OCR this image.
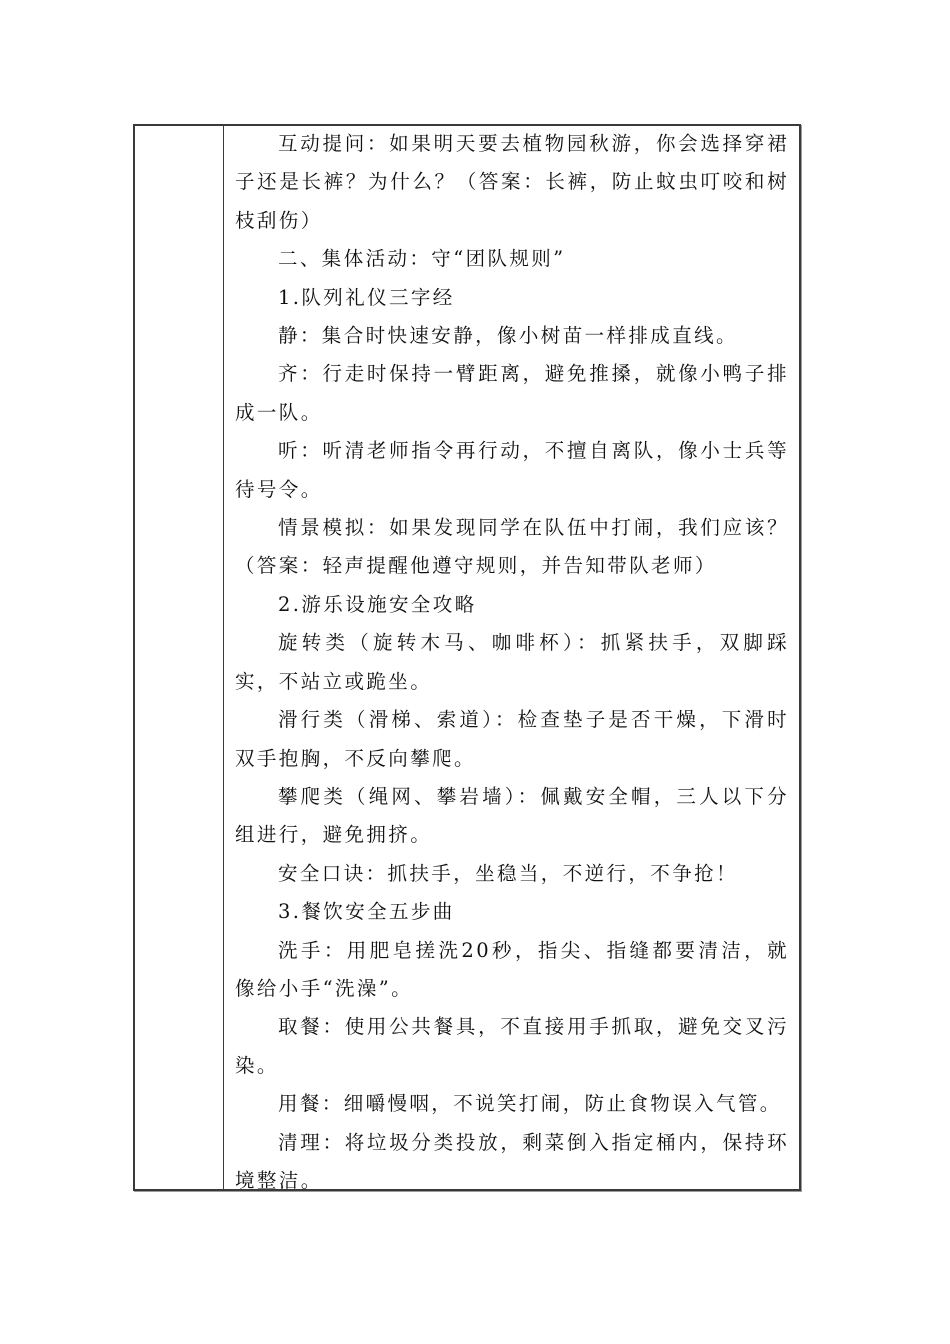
互动提问：如果明天要去植物园秋游，你会选择穿裙子还是长裤？为什么？（答案：长裤，防止蚊虫叮咬和树枝刮伤）

二、集体活动：守“团队规则”

1.队列礼仪三字经

静：集合时快速安静，像小树苗一样排成直线。

齐：行走时保持一臂距离，避免推搡，就像小鸭子排成一队。

听：听清老师指令再行动，不擅自离队，像小士兵等待号令。

情景模拟：如果发现同学在队伍中打闹，我们应该？（答案：轻声提醒他遵守规则，并告知带队老师）

2.游乐设施安全攻略

旋转类（旋转木马、咖啡杯）：抓紧扶手，双脚踩实，不站立或跪坐。

滑行类（滑梯、索道）：检查垫子是否干燥，下滑时双手抱胸，不反向攀爬。

攀爬类（绳网、攀岩墙）：佩戴安全帽，三人以下分组进行，避免拥挤。

安全口诀：抓扶手，坐稳当，不逆行，不争抢！

3.餐饮安全五步曲

洗手：用肥皂搓洗20秒，指尖、指缝都要清洁，就像给小手“洗澡”。

取餐：使用公共餐具，不直接用手抓取，避免交叉污染。

用餐：细嚼慢咽，不说笑打闹，防止食物误入气管。

清理：将垃圾分类投放，剩菜倒入指定桶内，保持环境整洁。
